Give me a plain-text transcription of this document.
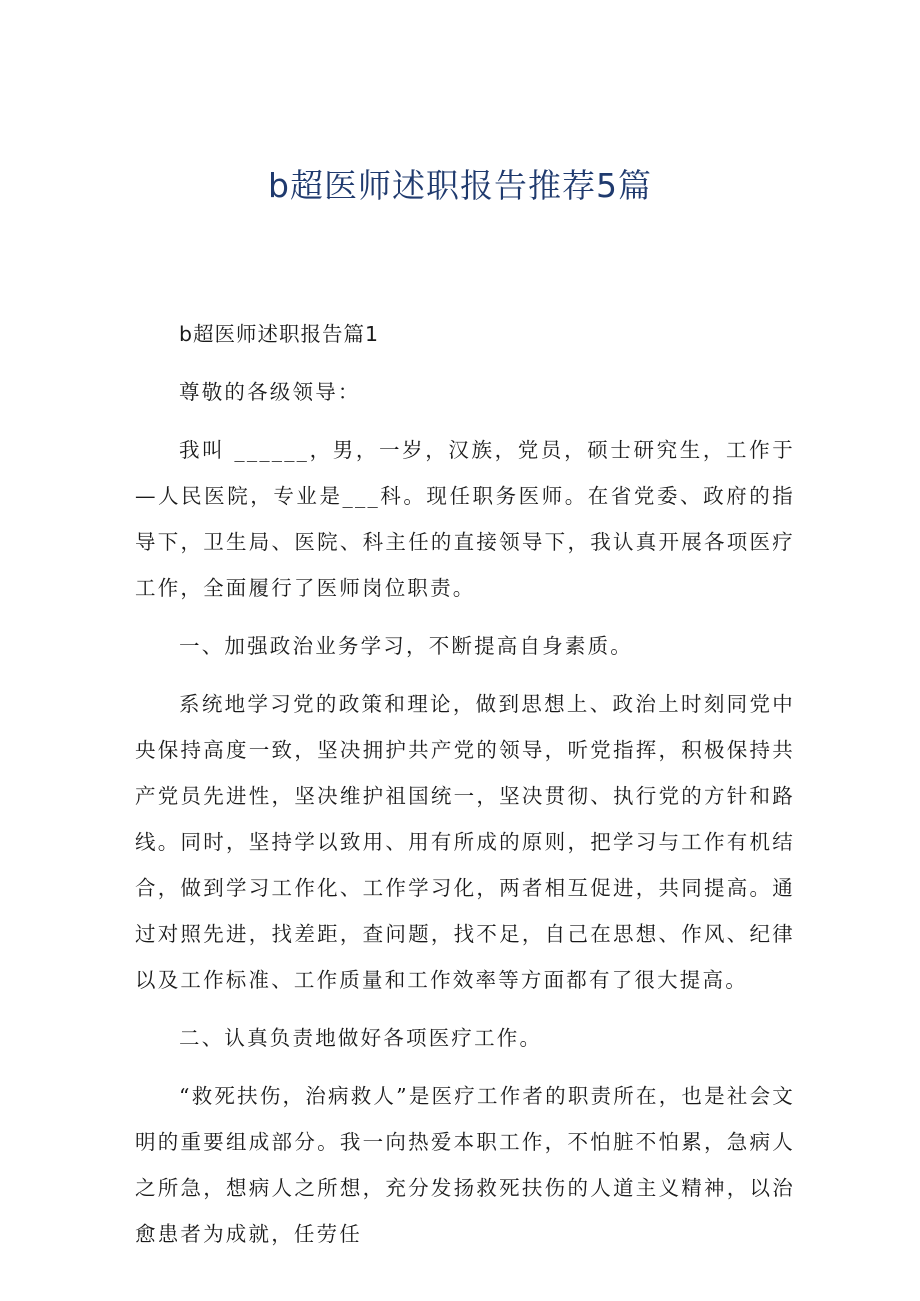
b超医师述职报告推荐5篇

b超医师述职报告篇1

尊敬的各级领导：

我叫 ______，男，一岁，汉族，党员，硕士研究生，工作于—人民医院，专业是___科。现任职务医师。在省党委、政府的指导下，卫生局、医院、科主任的直接领导下，我认真开展各项医疗工作，全面履行了医师岗位职责。

一、加强政治业务学习，不断提高自身素质。

系统地学习党的政策和理论，做到思想上、政治上时刻同党中央保持高度一致，坚决拥护共产党的领导，听党指挥，积极保持共产党员先进性，坚决维护祖国统一，坚决贯彻、执行党的方针和路线。同时，坚持学以致用、用有所成的原则，把学习与工作有机结合，做到学习工作化、工作学习化，两者相互促进，共同提高。通过对照先进，找差距，查问题，找不足，自己在思想、作风、纪律以及工作标准、工作质量和工作效率等方面都有了很大提高。

二、认真负责地做好各项医疗工作。

“救死扶伤，治病救人”是医疗工作者的职责所在，也是社会文明的重要组成部分。我一向热爱本职工作，不怕脏不怕累，急病人之所急，想病人之所想，充分发扬救死扶伤的人道主义精神，以治愈患者为成就，任劳任
